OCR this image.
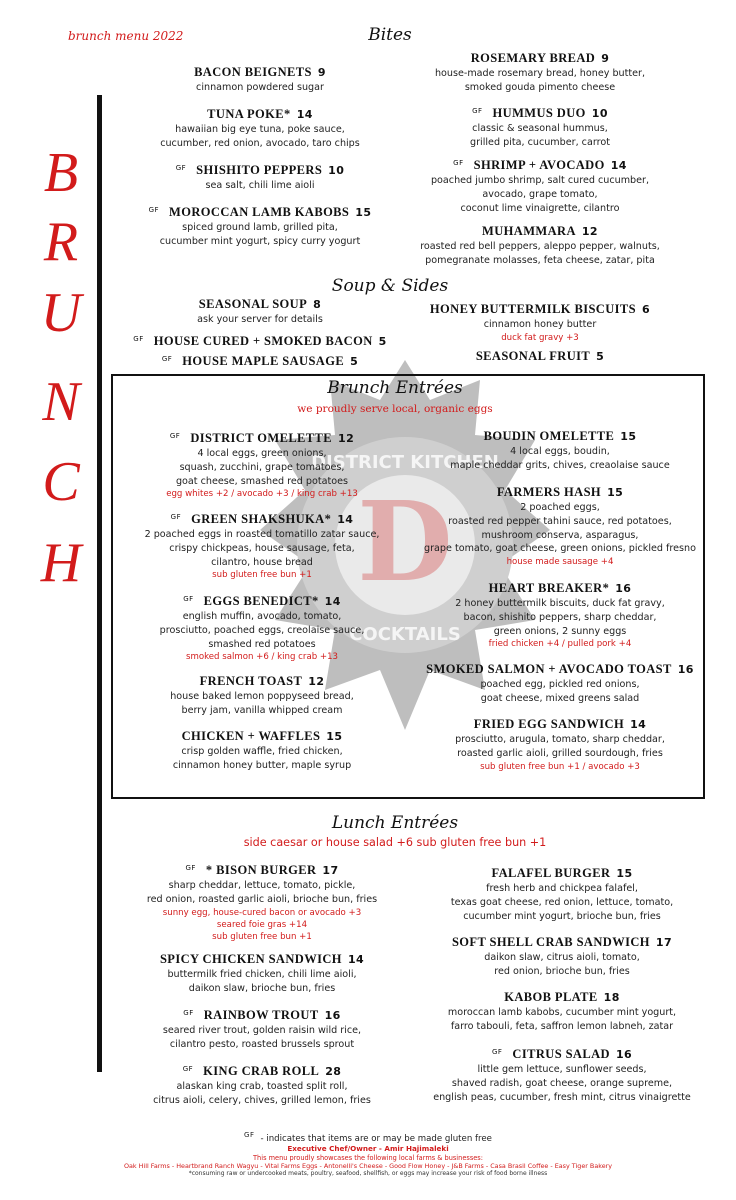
D
DISTRICT KITCHEN
COCKTAILS
brunch menu 2022
B
R
U
N
C
H
Bites
Soup & Sides
Brunch Entrées
we proudly serve local, organic eggs
Lunch Entrées
side caesar or house salad +6 sub gluten free bun +1
BACON BEIGNETS 9
cinnamon powdered sugar
TUNA POKE* 14
hawaiian big eye tuna, poke sauce,
cucumber, red onion, avocado, taro chips
$^{GF}$ SHISHITO PEPPERS 10
sea salt, chili lime aioli
$^{GF}$ MOROCCAN LAMB KABOBS 15
spiced ground lamb, grilled pita,
cucumber mint yogurt, spicy curry yogurt
ROSEMARY BREAD 9
house-made rosemary bread, honey butter,
smoked gouda pimento cheese
$^{GF}$ HUMMUS DUO 10
classic & seasonal hummus,
grilled pita, cucumber, carrot
$^{GF}$ SHRIMP + AVOCADO 14
poached jumbo shrimp, salt cured cucumber,
avocado, grape tomato,
coconut lime vinaigrette, cilantro
MUHAMMARA 12
roasted red bell peppers, aleppo pepper, walnuts,
pomegranate molasses, feta cheese, zatar, pita
SEASONAL SOUP 8
ask your server for details
$^{GF}$ HOUSE CURED + SMOKED BACON 5
$^{GF}$ HOUSE MAPLE SAUSAGE 5
HONEY BUTTERMILK BISCUITS 6
cinnamon honey butter
duck fat gravy +3
SEASONAL FRUIT 5
$^{GF}$ DISTRICT OMELETTE 12
4 local eggs, green onions,
squash, zucchini, grape tomatoes,
goat cheese, smashed red potatoes
egg whites +2 / avocado +3 / king crab +13
$^{GF}$ GREEN SHAKSHUKA* 14
2 poached eggs in roasted tomatillo zatar sauce,
crispy chickpeas, house sausage, feta,
cilantro, house bread
sub gluten free bun +1
$^{GF}$ EGGS BENEDICT* 14
english muffin, avocado, tomato,
prosciutto, poached eggs, creolaise sauce,
smashed red potatoes
smoked salmon +6 / king crab +13
FRENCH TOAST 12
house baked lemon poppyseed bread,
berry jam, vanilla whipped cream
CHICKEN + WAFFLES 15
crisp golden waffle, fried chicken,
cinnamon honey butter, maple syrup
BOUDIN OMELETTE 15
4 local eggs, boudin,
maple cheddar grits, chives, creaolaise sauce
FARMERS HASH 15
2 poached eggs,
roasted red pepper tahini sauce, red potatoes,
mushroom conserva, asparagus,
grape tomato, goat cheese, green onions, pickled fresno
house made sausage +4
HEART BREAKER* 16
2 honey buttermilk biscuits, duck fat gravy,
bacon, shishito peppers, sharp cheddar,
green onions, 2 sunny eggs
fried chicken +4 / pulled pork +4
SMOKED SALMON + AVOCADO TOAST 16
poached egg, pickled red onions,
goat cheese, mixed greens salad
FRIED EGG SANDWICH 14
prosciutto, arugula, tomato, sharp cheddar,
roasted garlic aioli, grilled sourdough, fries
sub gluten free bun +1 / avocado +3
$^{GF}$ * BISON BURGER 17
sharp cheddar, lettuce, tomato, pickle,
red onion, roasted garlic aioli, brioche bun, fries
sunny egg, house-cured bacon or avocado +3
seared foie gras +14
sub gluten free bun +1
SPICY CHICKEN SANDWICH 14
buttermilk fried chicken, chili lime aioli,
daikon slaw, brioche bun, fries
$^{GF}$ RAINBOW TROUT 16
seared river trout, golden raisin wild rice,
cilantro pesto, roasted brussels sprout
$^{GF}$ KING CRAB ROLL 28
alaskan king crab, toasted split roll,
citrus aioli, celery, chives, grilled lemon, fries
FALAFEL BURGER 15
fresh herb and chickpea falafel,
texas goat cheese, red onion, lettuce, tomato,
cucumber mint yogurt, brioche bun, fries
SOFT SHELL CRAB SANDWICH 17
daikon slaw, citrus aioli, tomato,
red onion, brioche bun, fries
KABOB PLATE 18
moroccan lamb kabobs, cucumber mint yogurt,
farro tabouli, feta, saffron lemon labneh, zatar
$^{GF}$ CITRUS SALAD 16
little gem lettuce, sunflower seeds,
shaved radish, goat cheese, orange supreme,
english peas, cucumber, fresh mint, citrus vinaigrette
$^{GF}$ - indicates that items are or may be made gluten free
Executive Chef/Owner - Amir Hajimaleki
This menu proudly showcases the following local farms & businesses:
Oak Hill Farms - Heartbrand Ranch Wagyu - Vital Farms Eggs - Antonelli's Cheese - Good Flow Honey - J&B Farms - Casa Brasil Coffee - Easy Tiger Bakery
*consuming raw or undercooked meats, poultry, seafood, shellfish, or eggs may increase your risk of food borne illness
